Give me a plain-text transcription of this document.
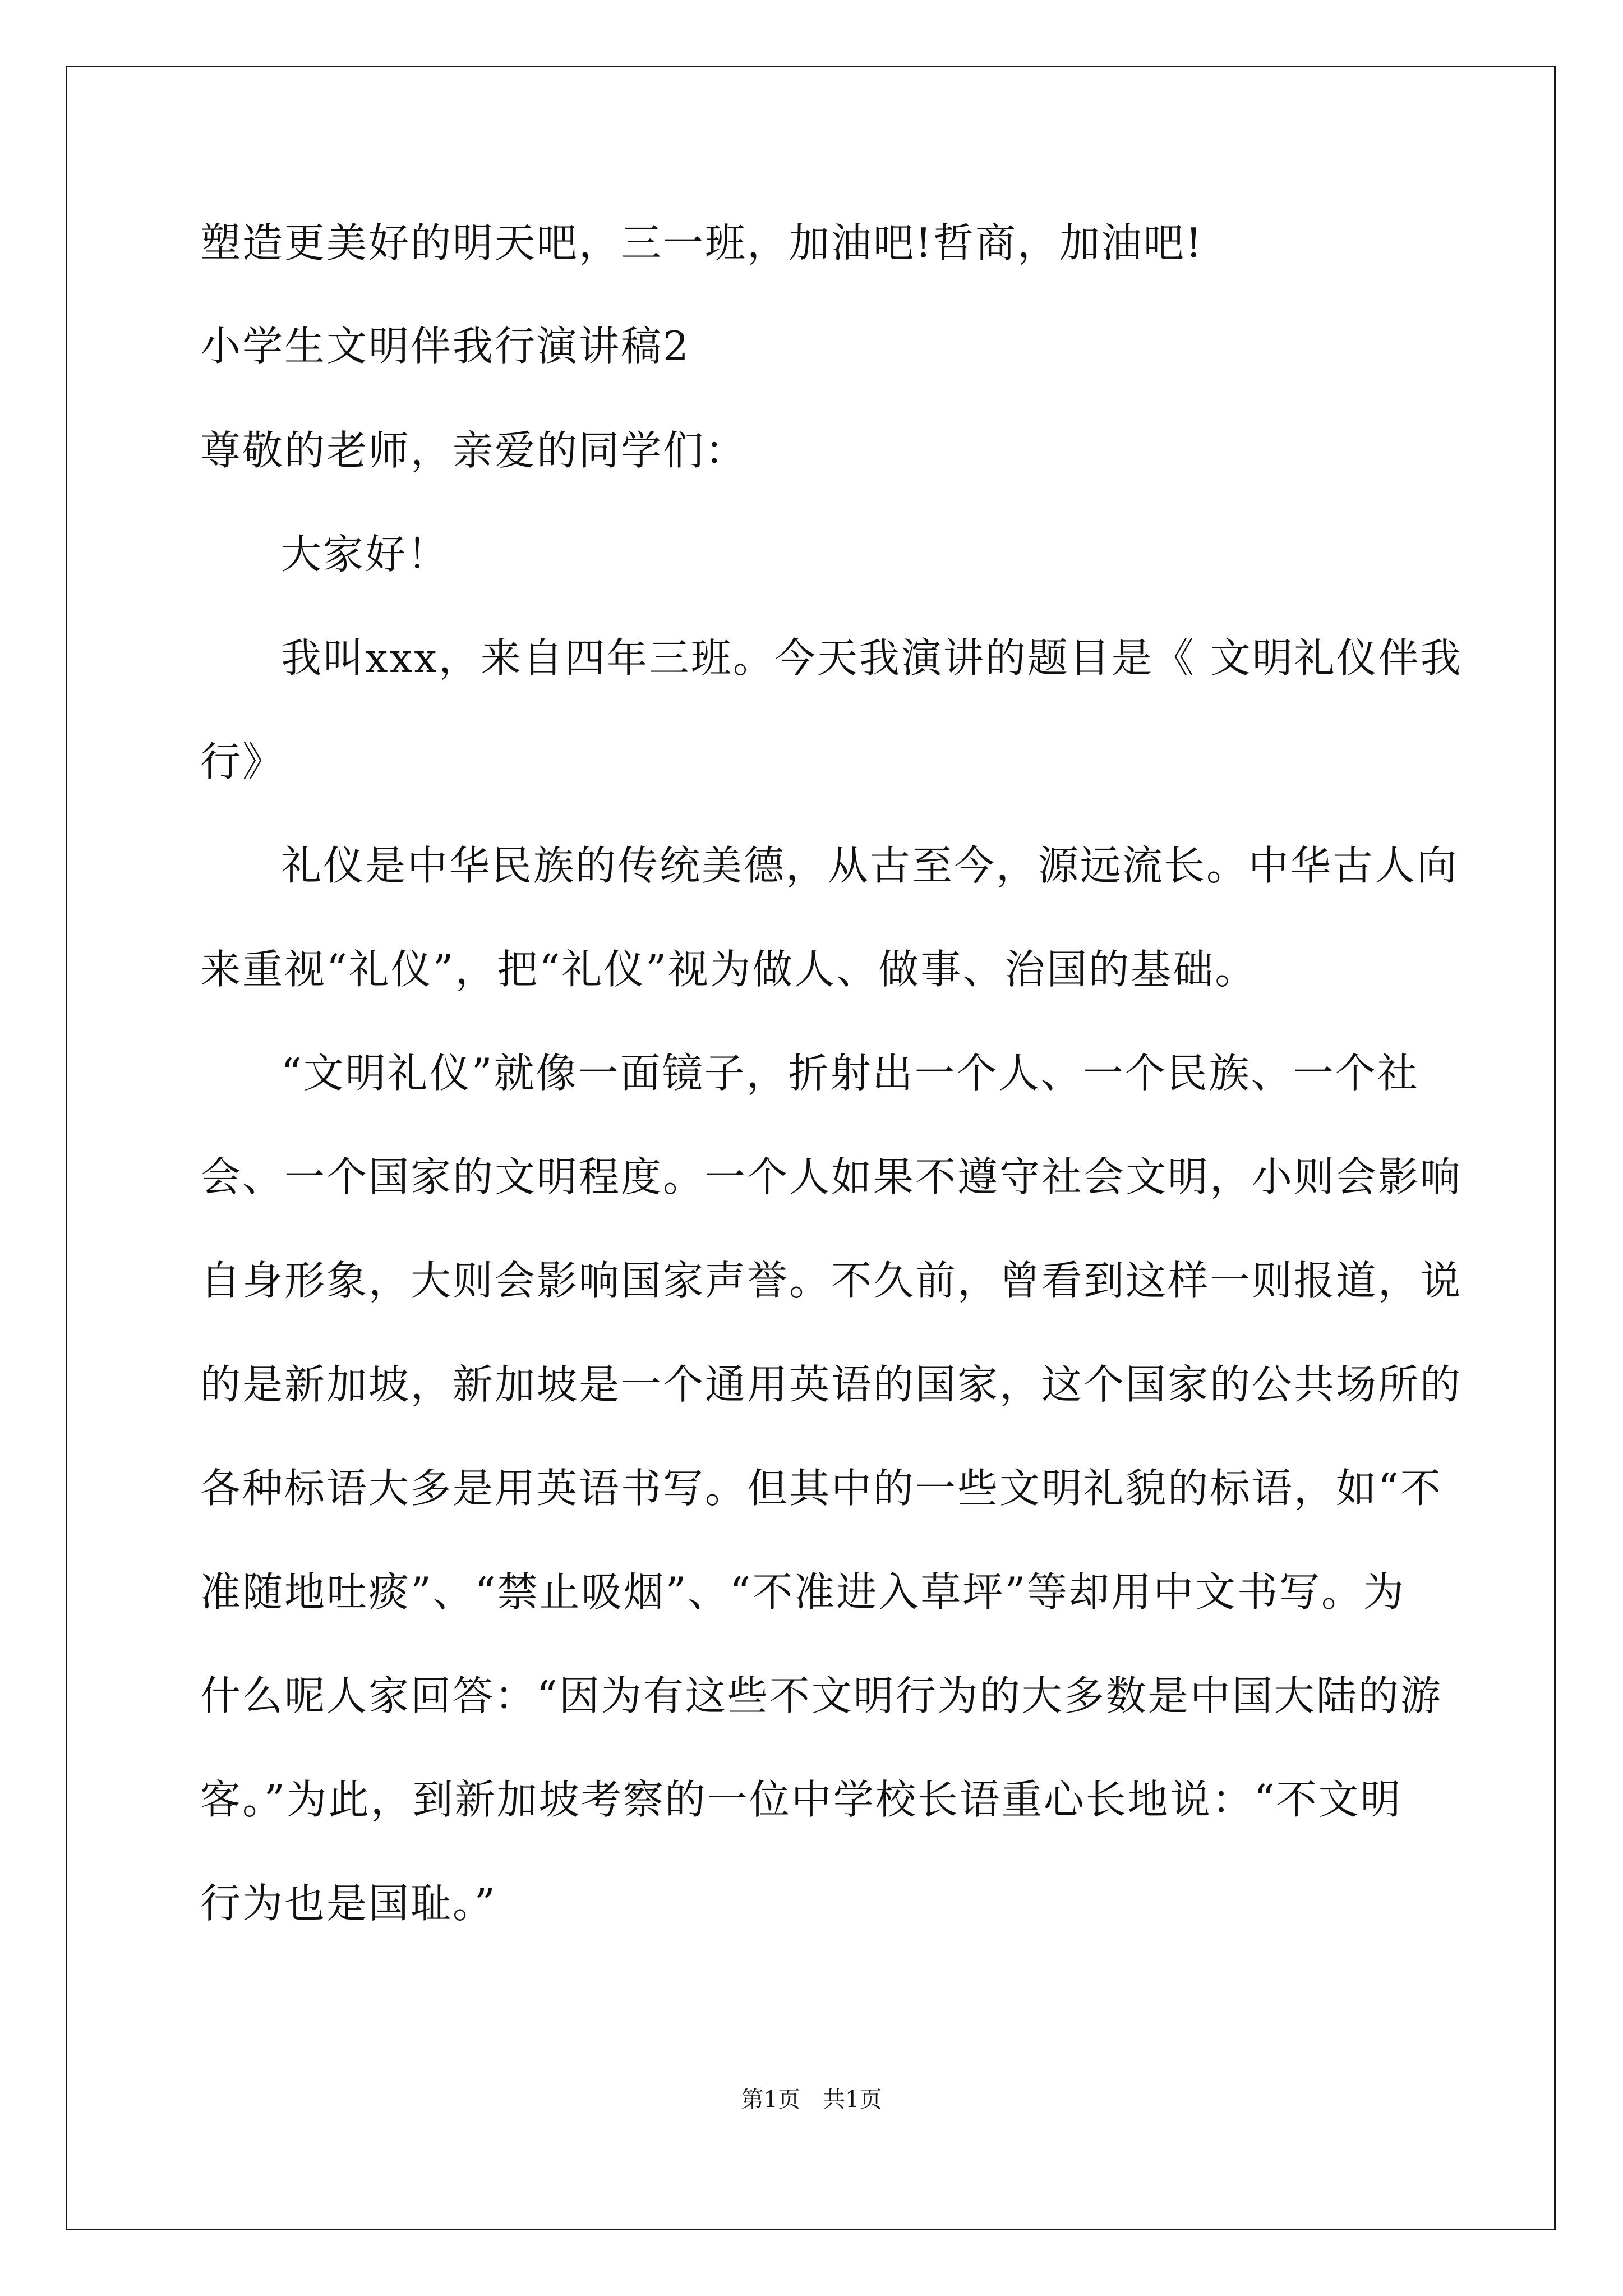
塑造更美好的明天吧，三一班，加油吧!哲商，加油吧!
小学生文明伴我行演讲稿2
尊敬的老师，亲爱的同学们：
大家好！
我叫xxx，来自四年三班。今天我演讲的题目是《 文明礼仪伴我
行》
礼仪是中华民族的传统美德，从古至今，源远流长。中华古人向
来重视“礼仪”，把“礼仪”视为做人、做事、治国的基础。
“文明礼仪”就像一面镜子，折射出一个人、一个民族、一个社
会、一个国家的文明程度。一个人如果不遵守社会文明，小则会影响
自身形象，大则会影响国家声誉。不久前，曾看到这样一则报道，说
的是新加坡，新加坡是一个通用英语的国家，这个国家的公共场所的
各种标语大多是用英语书写。但其中的一些文明礼貌的标语，如“不
准随地吐痰”、“禁止吸烟”、“不准进入草坪”等却用中文书写。为
什么呢人家回答：“因为有这些不文明行为的大多数是中国大陆的游
客。”为此，到新加坡考察的一位中学校长语重心长地说：“不文明
行为也是国耻。”
第1页　共1页
